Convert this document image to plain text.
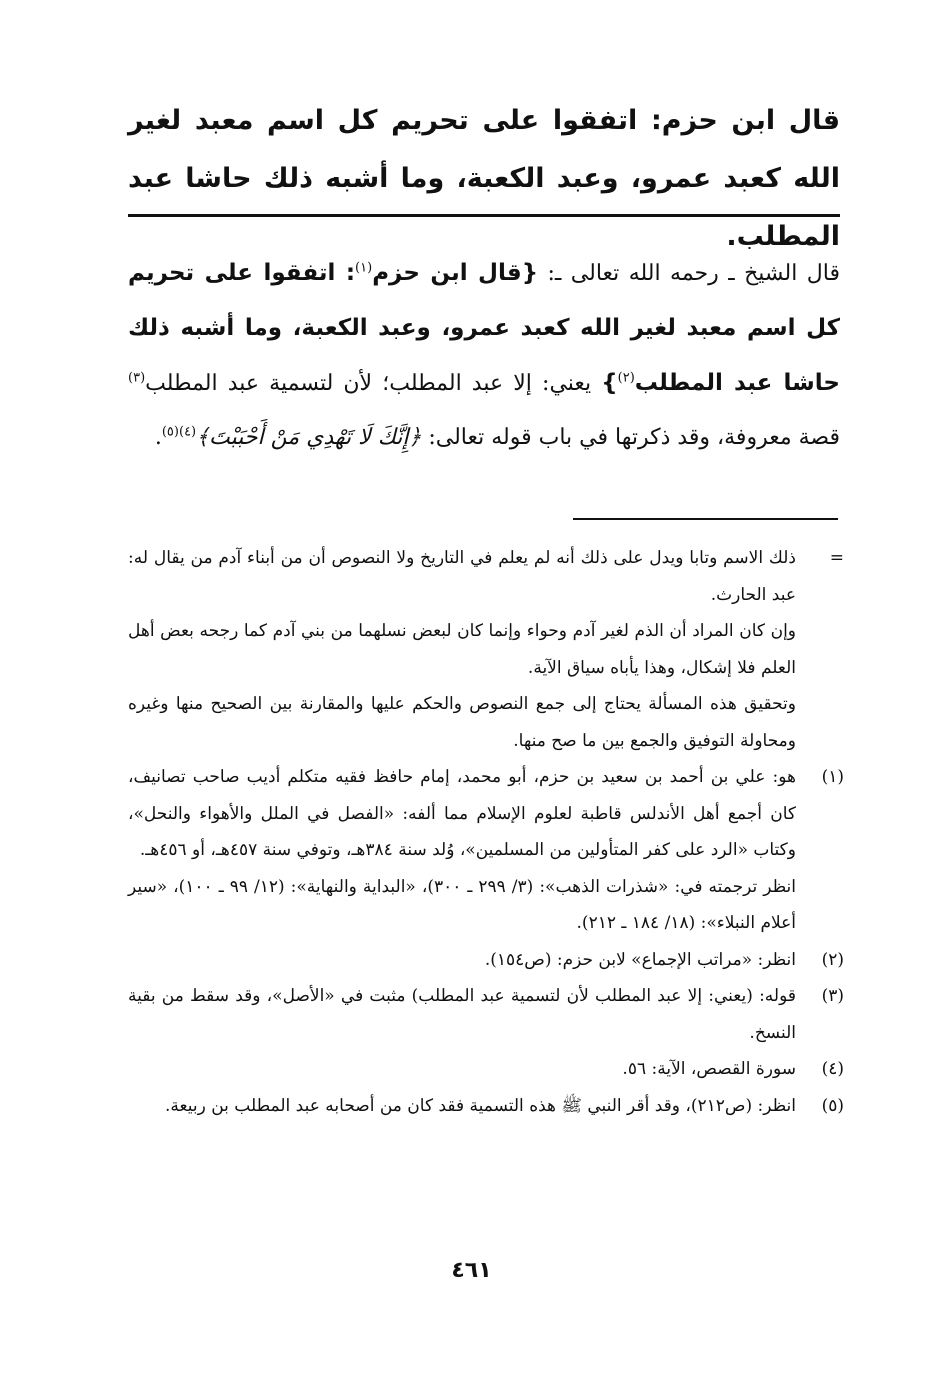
قال ابن حزم: اتفقوا على تحريم كل اسم معبد لغير الله كعبد عمرو، وعبد الكعبة، وما أشبه ذلك حاشا عبد المطلب.
قال الشيخ ـ رحمه الله تعالى ـ: {قال ابن حزم$^{(١)}$: اتفقوا على تحريم كل اسم معبد لغير الله كعبد عمرو، وعبد الكعبة، وما أشبه ذلك حاشا عبد المطلب$^{(٢)}$} يعني: إلا عبد المطلب؛ لأن لتسمية عبد المطلب$^{(٣)}$ قصة معروفة، وقد ذكرتها في باب قوله تعالى: ﴿إِنَّكَ لَا تَهْدِي مَنْ أَحْبَبْتَ﴾$^{(٤)(٥)}$.
=
ذلك الاسم وتابا ويدل على ذلك أنه لم يعلم في التاريخ ولا النصوص أن من أبناء آدم من يقال له: عبد الحارث.
وإن كان المراد أن الذم لغير آدم وحواء وإنما كان لبعض نسلهما من بني آدم كما رجحه بعض أهل العلم فلا إشكال، وهذا يأباه سياق الآية.
وتحقيق هذه المسألة يحتاج إلى جمع النصوص والحكم عليها والمقارنة بين الصحيح منها وغيره ومحاولة التوفيق والجمع بين ما صح منها.
(١)
هو: علي بن أحمد بن سعيد بن حزم، أبو محمد، إمام حافظ فقيه متكلم أديب صاحب تصانيف، كان أجمع أهل الأندلس قاطبة لعلوم الإسلام مما ألفه: «الفصل في الملل والأهواء والنحل»، وكتاب «الرد على كفر المتأولين من المسلمين»، وُلد سنة ٣٨٤هـ، وتوفي سنة ٤٥٧هـ، أو ٤٥٦هـ.
انظر ترجمته في: «شذرات الذهب»: (٣/ ٢٩٩ ـ ٣٠٠)، «البداية والنهاية»: (١٢/ ٩٩ ـ ١٠٠)، «سير أعلام النبلاء»: (١٨/ ١٨٤ ـ ٢١٢).
(٢)
انظر: «مراتب الإجماع» لابن حزم: (ص١٥٤).
(٣)
قوله: (يعني: إلا عبد المطلب لأن لتسمية عبد المطلب) مثبت في «الأصل»، وقد سقط من بقية النسخ.
(٤)
سورة القصص، الآية: ٥٦.
(٥)
انظر: (ص٢١٢)، وقد أقر النبي ﷺ هذه التسمية فقد كان من أصحابه عبد المطلب بن ربيعة.
٤٦١
